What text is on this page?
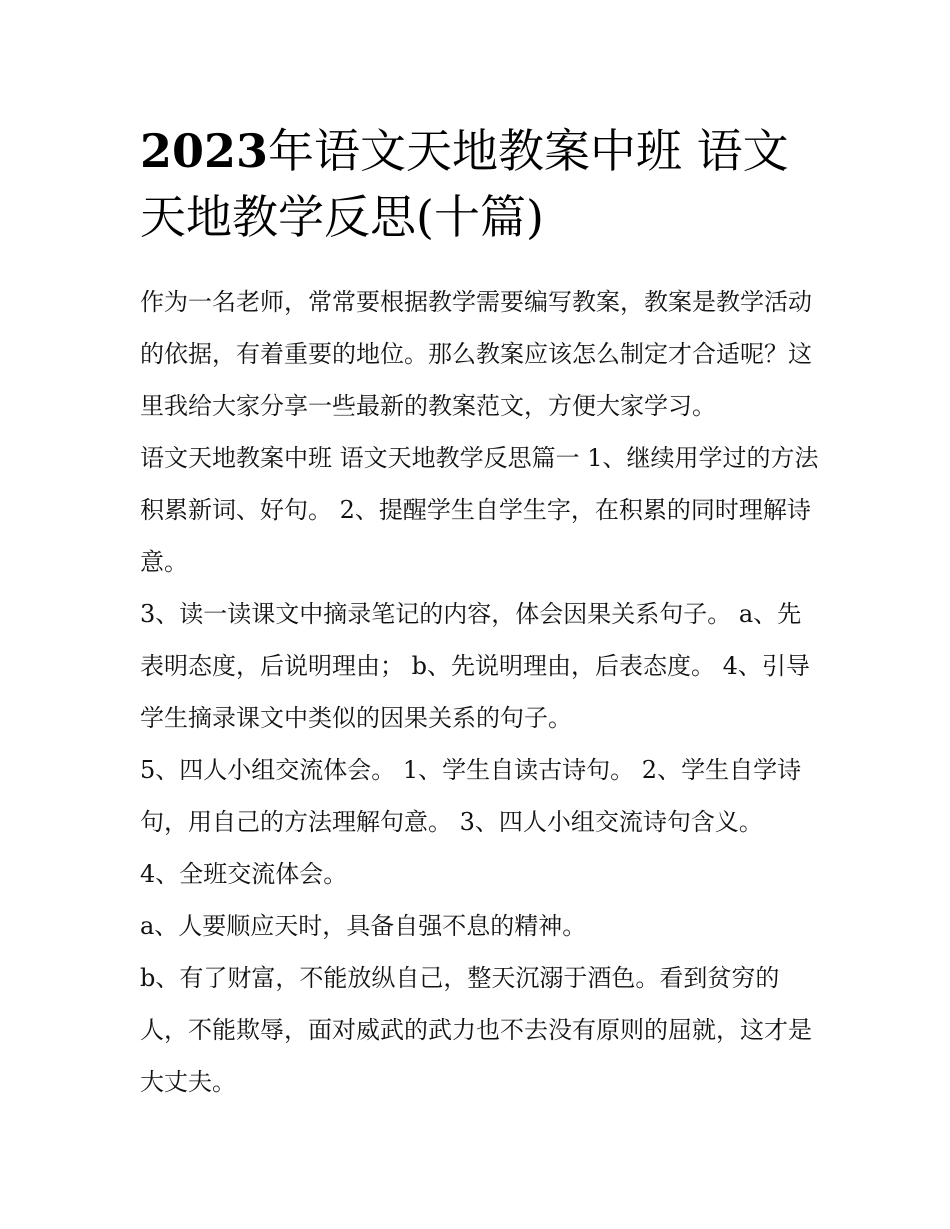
2023年语文天地教案中班 语文天地教学反思(十篇)

作为一名老师，常常要根据教学需要编写教案，教案是教学活动的依据，有着重要的地位。那么教案应该怎么制定才合适呢？这里我给大家分享一些最新的教案范文，方便大家学习。

语文天地教案中班 语文天地教学反思篇一 1、继续用学过的方法积累新词、好句。 2、提醒学生自学生字，在积累的同时理解诗意。

3、读一读课文中摘录笔记的内容，体会因果关系句子。 a、先表明态度，后说明理由； b、先说明理由，后表态度。 4、引导学生摘录课文中类似的因果关系的句子。

5、四人小组交流体会。 1、学生自读古诗句。 2、学生自学诗句，用自己的方法理解句意。 3、四人小组交流诗句含义。

4、全班交流体会。

a、人要顺应天时，具备自强不息的精神。

b、有了财富，不能放纵自己，整天沉溺于酒色。看到贫穷的人，不能欺辱，面对威武的武力也不去没有原则的屈就，这才是大丈夫。
